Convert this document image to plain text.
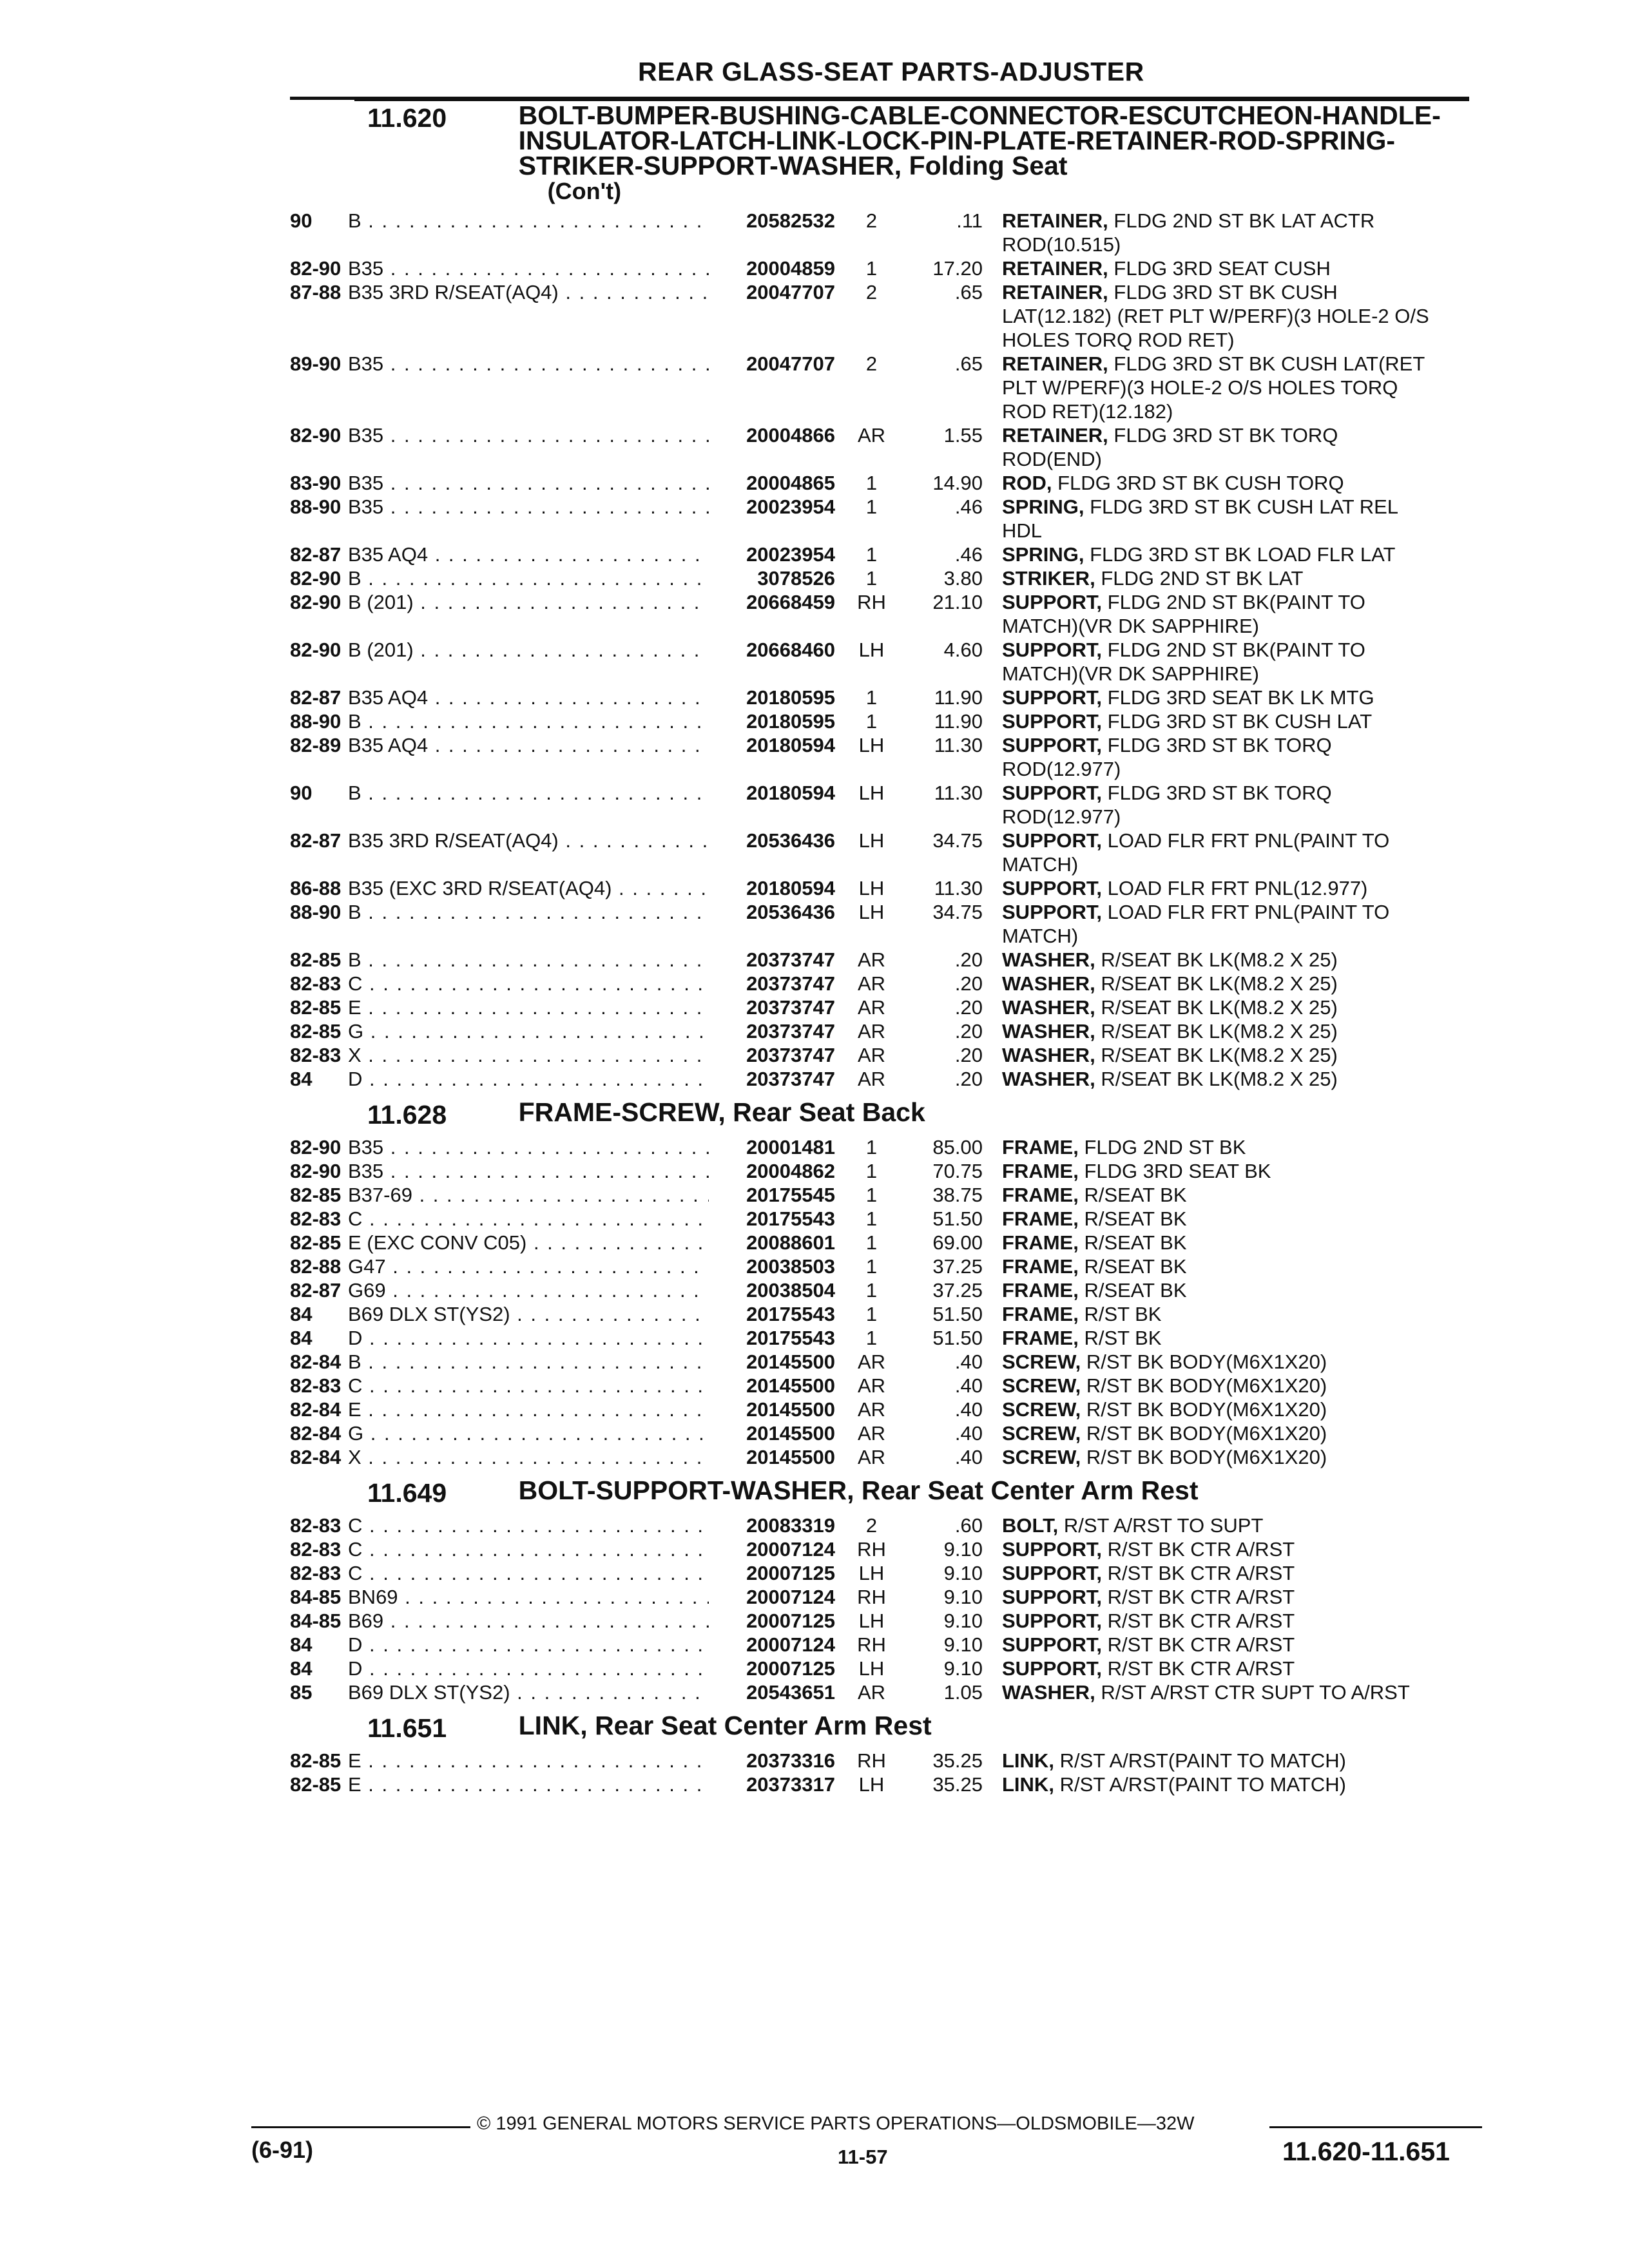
REAR GLASS-SEAT PARTS-ADJUSTER
11.620	BOLT-BUMPER-BUSHING-CABLE-CONNECTOR-ESCUTCHEON-HANDLE-INSULATOR-LATCH-LINK-LOCK-PIN-PLATE-RETAINER-ROD-SPRING-STRIKER-SUPPORT-WASHER, Folding Seat
(Con't)
90	B . . .	20582532	2	.11 RETAINER, FLDG 2ND ST BK LAT ACTR ROD(10.515)
82-90 B35 . . .	20004859	1	17.20 RETAINER, FLDG 3RD SEAT CUSH
87-88 B35 3RD R/SEAT(AQ4) . . .	20047707	2	.65 RETAINER, FLDG 3RD ST BK CUSH LAT(12.182) (RET PLT W/PERF)(3 HOLE-2 O/S HOLES TORQ ROD RET)
89-90 B35 . . .	20047707	2	.65 RETAINER, FLDG 3RD ST BK CUSH LAT(RET PLT W/PERF)(3 HOLE-2 O/S HOLES TORQ ROD RET)(12.182)
82-90 B35 . . .	20004866	AR	1.55 RETAINER, FLDG 3RD ST BK TORQ ROD(END)
83-90 B35 . . .	20004865	1	14.90 ROD, FLDG 3RD ST BK CUSH TORQ
88-90 B35 . . .	20023954	1	.46 SPRING, FLDG 3RD ST BK CUSH LAT REL HDL
82-87 B35 AQ4 . . .	20023954	1	.46 SPRING, FLDG 3RD ST BK LOAD FLR LAT
82-90 B . . .	3078526	1	3.80 STRIKER, FLDG 2ND ST BK LAT
82-90 B (201) . . .	20668459	RH	21.10 SUPPORT, FLDG 2ND ST BK(PAINT TO MATCH)(VR DK SAPPHIRE)
82-90 B (201) . . .	20668460	LH	4.60 SUPPORT, FLDG 2ND ST BK(PAINT TO MATCH)(VR DK SAPPHIRE)
82-87 B35 AQ4 . . .	20180595	1	11.90 SUPPORT, FLDG 3RD SEAT BK LK MTG
88-90 B . . .	20180595	1	11.90 SUPPORT, FLDG 3RD ST BK CUSH LAT
82-89 B35 AQ4 . . .	20180594	LH	11.30 SUPPORT, FLDG 3RD ST BK TORQ ROD(12.977)
90	B . . .	20180594	LH	11.30 SUPPORT, FLDG 3RD ST BK TORQ ROD(12.977)
82-87 B35 3RD R/SEAT(AQ4) . . .	20536436	LH	34.75 SUPPORT, LOAD FLR FRT PNL(PAINT TO MATCH)
86-88 B35 (EXC 3RD R/SEAT(AQ4) . . .	20180594	LH	11.30 SUPPORT, LOAD FLR FRT PNL(12.977)
88-90 B . . .	20536436	LH	34.75 SUPPORT, LOAD FLR FRT PNL(PAINT TO MATCH)
82-85 B . . .	20373747	AR	.20 WASHER, R/SEAT BK LK(M8.2 X 25)
82-83 C . . .	20373747	AR	.20 WASHER, R/SEAT BK LK(M8.2 X 25)
82-85 E . . .	20373747	AR	.20 WASHER, R/SEAT BK LK(M8.2 X 25)
82-85 G . . .	20373747	AR	.20 WASHER, R/SEAT BK LK(M8.2 X 25)
82-83 X . . .	20373747	AR	.20 WASHER, R/SEAT BK LK(M8.2 X 25)
84	D . . .	20373747	AR	.20 WASHER, R/SEAT BK LK(M8.2 X 25)
11.628	FRAME-SCREW, Rear Seat Back
82-90 B35 . . .	20001481	1	85.00 FRAME, FLDG 2ND ST BK
82-90 B35 . . .	20004862	1	70.75 FRAME, FLDG 3RD SEAT BK
82-85 B37-69 . . .	20175545	1	38.75 FRAME, R/SEAT BK
82-83 C . . .	20175543	1	51.50 FRAME, R/SEAT BK
82-85 E (EXC CONV C05) . . .	20088601	1	69.00 FRAME, R/SEAT BK
82-88 G47 . . .	20038503	1	37.25 FRAME, R/SEAT BK
82-87 G69 . . .	20038504	1	37.25 FRAME, R/SEAT BK
84	B69 DLX ST(YS2) . . .	20175543	1	51.50 FRAME, R/ST BK
84	D . . .	20175543	1	51.50 FRAME, R/ST BK
82-84 B . . .	20145500	AR	.40 SCREW, R/ST BK BODY(M6X1X20)
82-83 C . . .	20145500	AR	.40 SCREW, R/ST BK BODY(M6X1X20)
82-84 E . . .	20145500	AR	.40 SCREW, R/ST BK BODY(M6X1X20)
82-84 G . . .	20145500	AR	.40 SCREW, R/ST BK BODY(M6X1X20)
82-84 X . . .	20145500	AR	.40 SCREW, R/ST BK BODY(M6X1X20)
11.649	BOLT-SUPPORT-WASHER, Rear Seat Center Arm Rest
82-83 C . . .	20083319	2	.60 BOLT, R/ST A/RST TO SUPT
82-83 C . . .	20007124	RH	9.10 SUPPORT, R/ST BK CTR A/RST
82-83 C . . .	20007125	LH	9.10 SUPPORT, R/ST BK CTR A/RST
84-85 BN69 . . .	20007124	RH	9.10 SUPPORT, R/ST BK CTR A/RST
84-85 B69 . . .	20007125	LH	9.10 SUPPORT, R/ST BK CTR A/RST
84	D . . .	20007124	RH	9.10 SUPPORT, R/ST BK CTR A/RST
84	D . . .	20007125	LH	9.10 SUPPORT, R/ST BK CTR A/RST
85	B69 DLX ST(YS2) . . .	20543651	AR	1.05 WASHER, R/ST A/RST CTR SUPT TO A/RST
11.651	LINK, Rear Seat Center Arm Rest
82-85 E . . .	20373316	RH	35.25 LINK, R/ST A/RST(PAINT TO MATCH)
82-85 E . . .	20373317	LH	35.25 LINK, R/ST A/RST(PAINT TO MATCH)
© 1991 GENERAL MOTORS SERVICE PARTS OPERATIONS—OLDSMOBILE—32W
(6-91)	11-57	11.620-11.651
